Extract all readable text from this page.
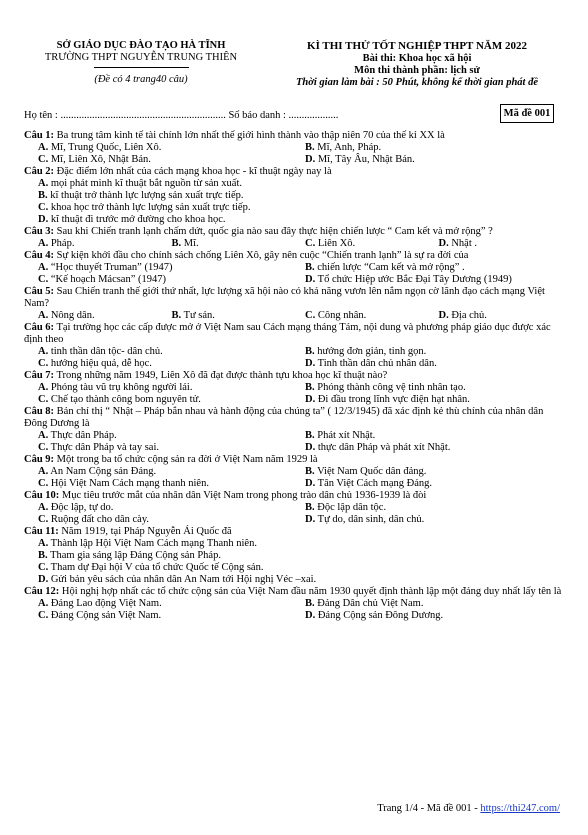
SỞ GIÁO DỤC ĐÀO TẠO HÀ TĨNH
TRƯỜNG THPT NGUYỄN TRUNG THIÊN
(Đề có 4 trang40 câu)
KÌ THI THỬ TỐT NGHIỆP THPT NĂM 2022
Bài thi: Khoa học xã hội
Môn thi thành phần: lịch sử
Thời gian làm bài : 50 Phút, không kể thời gian phát đề
Họ tên : ............................................................... Số báo danh : ...................	Mã đề 001
Câu 1: Ba trung tâm kinh tế tài chính lớn nhất thế giới hình thành vào thập niên 70 của thế kỉ XX là
A. Mĩ, Trung Quốc, Liên Xô.	B. Mĩ, Anh, Pháp.
C. Mĩ, Liên Xô, Nhật Bản.	D. Mĩ, Tây Âu, Nhật Bản.
Câu 2: Đặc điểm lớn nhất của cách mạng khoa học - kĩ thuật ngày nay là
A. mọi phát minh kĩ thuật bắt nguồn từ sản xuất.
B. kĩ thuật trở thành lực lượng sản xuất trực tiếp.
C. khoa học trở thành lực lượng sản xuất trực tiếp.
D. kĩ thuật đi trước mở đường cho khoa học.
Câu 3: Sau khi Chiến tranh lạnh chấm dứt, quốc gia nào sau đây thực hiện chiến lược “ Cam kết và mở rộng” ?
A. Pháp.	B. Mĩ.	C. Liên Xô.	D. Nhật .
Câu 4: Sự kiện khởi đầu cho chính sách chống Liên Xô, gây nên cuộc “Chiến tranh lạnh” là sự ra đời của
A. “Học thuyết Truman” (1947)	B. chiến lược “Cam kết và mở rộng” .
C. “Kế hoạch Mácsan” (1947)	D. Tổ chức Hiệp ước Bắc Đại Tây Dương (1949)
Câu 5: Sau Chiến tranh thế giới thứ nhất, lực lượng xã hội nào có khả năng vươn lên nắm ngọn cờ lãnh đạo cách mạng Việt Nam?
A. Nông dân.	B. Tư sản.	C. Công nhân.	D. Địa chủ.
Câu 6: Tại trường học các cấp được mở ở Việt Nam sau Cách mạng tháng Tám, nội dung và phương pháp giáo dục được xác định theo
A. tinh thần dân tộc- dân chủ.	B. hướng đơn giản, tinh gọn.
C. hướng hiệu quả, dễ học.	D. Tinh thần dân chủ nhân dân.
Câu 7: Trong những năm 1949, Liên Xô đã đạt được thành tựu khoa học kĩ thuật nào?
A. Phóng tàu vũ trụ không người lái.	B. Phóng thành công vệ tinh nhân tạo.
C. Chế tạo thành công bom nguyên tử.	D. Đi đầu trong lĩnh vực điện hạt nhân.
Câu 8: Bản chỉ thị “ Nhật – Pháp bắn nhau và hành động của chúng ta” ( 12/3/1945) đã xác định kẻ thù chính của nhân dân Đông Dương là
A. Thực dân Pháp.	B. Phát xít Nhật.
C. Thực dân Pháp và tay sai.	D. thực dân Pháp và phát xít Nhật.
Câu 9: Một trong ba tổ chức cộng sản ra đời ở Việt Nam năm 1929 là
A. An Nam Cộng sản Đảng.	B. Việt Nam Quốc dân đảng.
C. Hội Việt Nam Cách mạng thanh niên.	D. Tân Việt Cách mạng Đảng.
Câu 10: Mục tiêu trước mắt của nhân dân Việt Nam trong phong trào dân chủ 1936-1939 là đòi
A. Độc lập, tự do.	B. Độc lập dân tộc.
C. Ruộng đất cho dân cày.	D. Tự do, dân sinh, dân chủ.
Câu 11: Năm 1919, tại Pháp Nguyễn Ái Quốc đã
A. Thành lập Hội Việt Nam Cách mạng Thanh niên.
B. Tham gia sáng lập Đảng Cộng sản Pháp.
C. Tham dự Đại hội V của tổ chức Quốc tế Cộng sản.
D. Gửi bản yêu sách của nhân dân An Nam tới Hội nghị Véc –xai.
Câu 12: Hội nghị hợp nhất các tổ chức cộng sản của Việt Nam đầu năm 1930 quyết định thành lập một đảng duy nhất lấy tên là
A. Đảng Lao động Việt Nam.	B. Đảng Dân chủ Việt Nam.
C. Đảng Cộng sản Việt Nam.	D. Đảng Cộng sản Đông Dương.
Trang 1/4 - Mã đề 001 - https://thi247.com/
